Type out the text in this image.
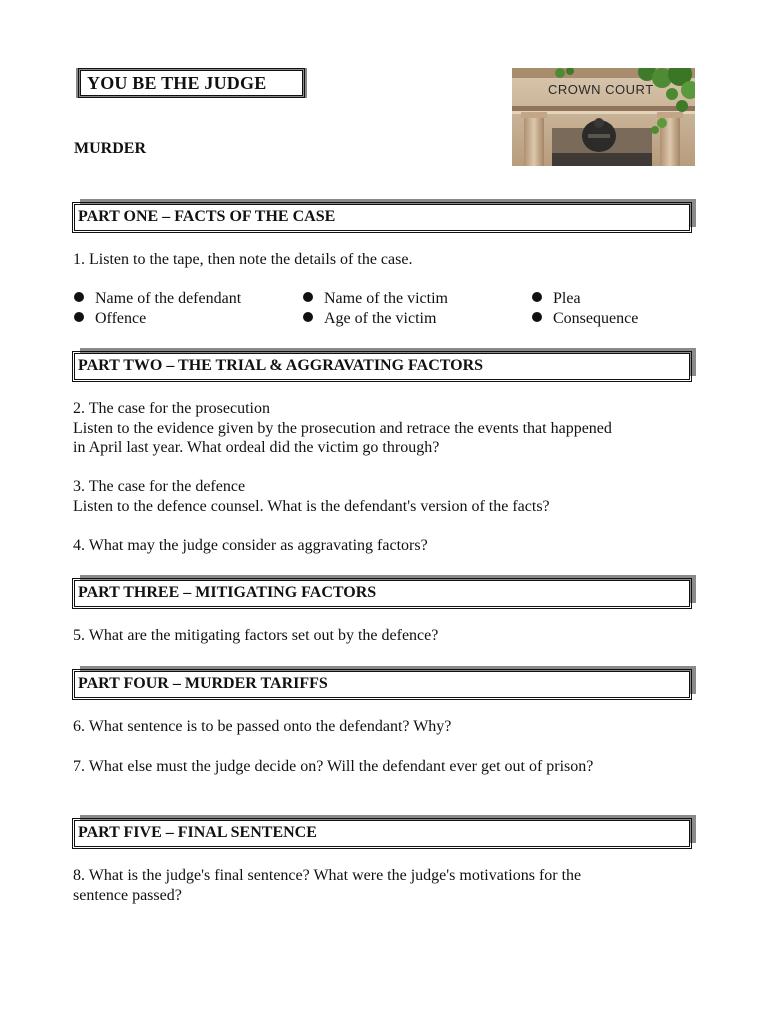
YOU BE THE JUDGE
MURDER
CROWN COURT
PART ONE – FACTS OF THE CASE
1. Listen to the tape, then note the details of the case.
Name of the defendant	Name of the victim	Plea
Offence	Age of the victim	Consequence
PART TWO – THE TRIAL & AGGRAVATING FACTORS
2. The case for the prosecution
Listen to the evidence given by the prosecution and retrace the events that happened
in April last year. What ordeal did the victim go through?
3. The case for the defence
Listen to the defence counsel. What is the defendant's version of the facts?
4. What may the judge consider as aggravating factors?
PART THREE – MITIGATING FACTORS
5. What are the mitigating factors set out by the defence?
PART FOUR – MURDER TARIFFS
6. What sentence is to be passed onto the defendant? Why?
7. What else must the judge decide on? Will the defendant ever get out of prison?
PART FIVE – FINAL SENTENCE
8. What is the judge's final sentence? What were the judge's motivations for the
sentence passed?
